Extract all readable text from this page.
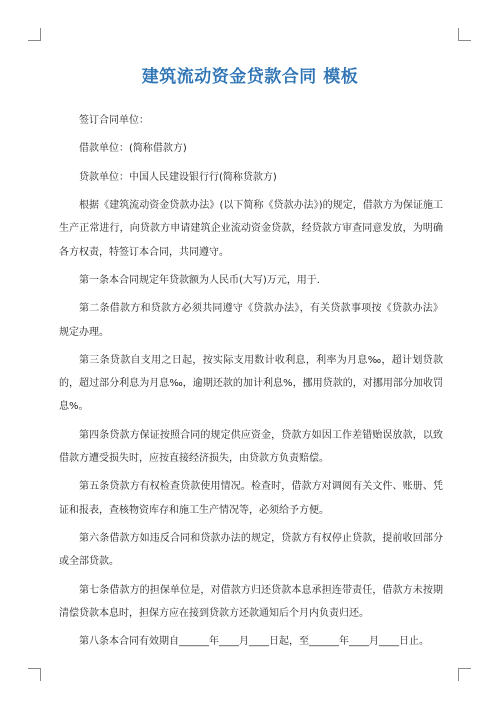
建筑流动资金贷款合同 模板

签订合同单位：

借款单位：(简称借款方)

贷款单位：中国人民建设银行行(简称贷款方)

根据《建筑流动资金贷款办法》(以下简称《贷款办法》)的规定，借款方为保证施工生产正常进行，向贷款方申请建筑企业流动资金贷款，经贷款方审查同意发放，为明确各方权责，特签订本合同，共同遵守。

第一条本合同规定年贷款额为人民币(大写)万元，用于.

第二条借款方和贷款方必须共同遵守《贷款办法》，有关贷款事项按《贷款办法》规定办理。

第三条贷款自支用之日起，按实际支用数计收利息，利率为月息‰，超计划贷款的，超过部分利息为月息‰，逾期还款的加计利息%，挪用贷款的，对挪用部分加收罚息%。

第四条贷款方保证按照合同的规定供应资金，贷款方如因工作差错贻误放款，以致借款方遭受损失时，应按直接经济损失，由贷款方负责赔偿。

第五条贷款方有权检查贷款使用情况。检查时，借款方对调阅有关文件、账册、凭证和报表，查核物资库存和施工生产情况等，必须给予方便。

第六条借款方如违反合同和贷款办法的规定，贷款方有权停止贷款，提前收回部分或全部贷款。

第七条借款方的担保单位是，对借款方归还贷款本息承担连带责任，借款方未按期清偿贷款本息时，担保方应在接到贷款方还款通知后个月内负责归还。

第八条本合同有效期自______年____月____日起，至______年____月____日止。
